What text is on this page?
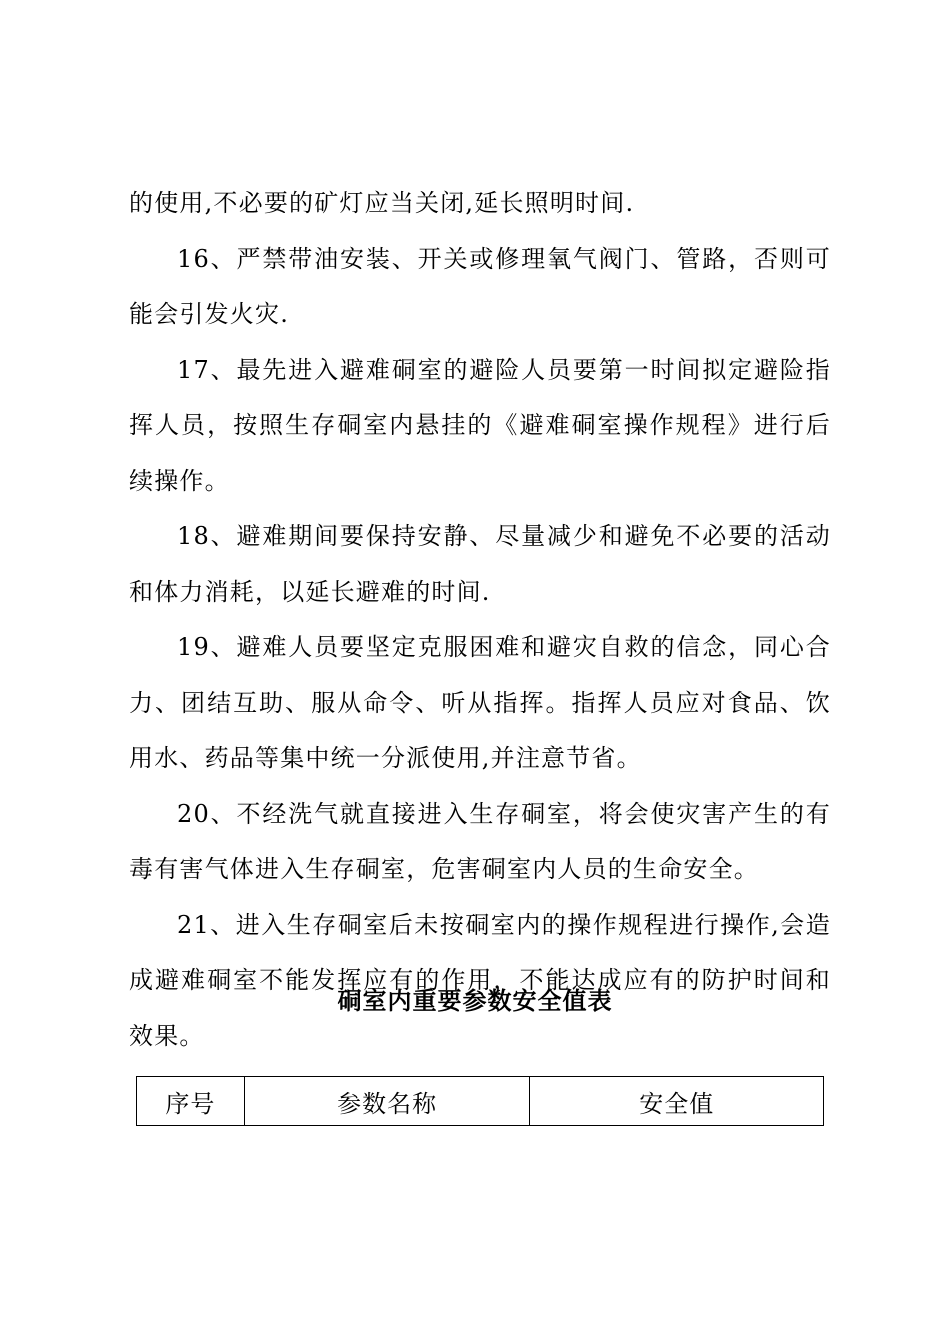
的使用,不必要的矿灯应当关闭,延长照明时间.

16、严禁带油安装、开关或修理氧气阀门、管路，否则可能会引发火灾.

17、最先进入避难硐室的避险人员要第一时间拟定避险指挥人员，按照生存硐室内悬挂的《避难硐室操作规程》进行后续操作。

18、避难期间要保持安静、尽量减少和避免不必要的活动和体力消耗，以延长避难的时间.

19、避难人员要坚定克服困难和避灾自救的信念，同心合力、团结互助、服从命令、听从指挥。指挥人员应对食品、饮用水、药品等集中统一分派使用,并注意节省。

20、不经洗气就直接进入生存硐室，将会使灾害产生的有毒有害气体进入生存硐室，危害硐室内人员的生命安全。

21、进入生存硐室后未按硐室内的操作规程进行操作,会造成避难硐室不能发挥应有的作用，不能达成应有的防护时间和效果。

硐室内重要参数安全值表
序号	参数名称	安全值
